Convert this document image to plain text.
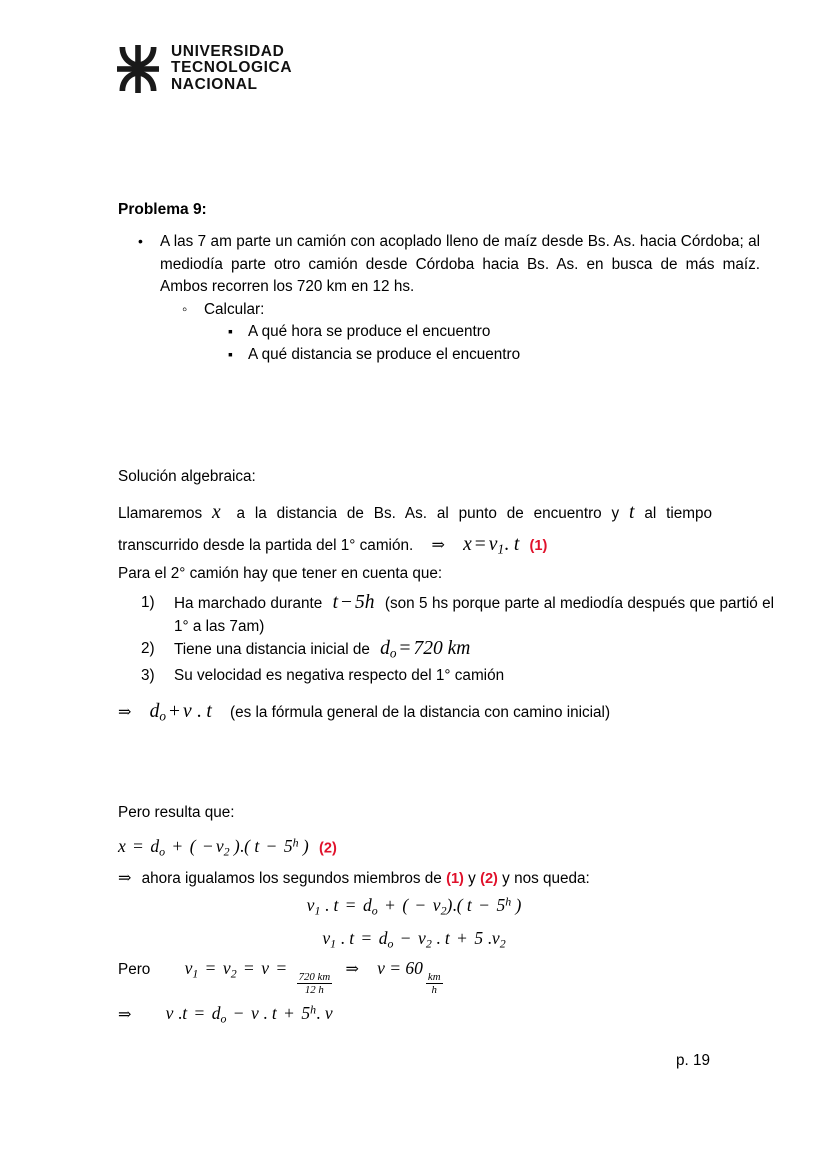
UNIVERSIDAD
TECNOLOGICA
NACIONAL
Problema 9:
• A las 7 am parte un camión con acoplado lleno de maíz desde Bs. As. hacia Córdoba; al mediodía parte otro camión desde Córdoba hacia Bs. As. en busca de más maíz. Ambos recorren los 720 km en 12 hs.
◦ Calcular:
▪ A qué hora se produce el encuentro
▪ A qué distancia se produce el encuentro
Solución algebraica:
Llamaremos x a la distancia de Bs. As. al punto de encuentro y t al tiempo transcurrido desde la partida del 1° camión. ⇒ $x = v_1$. t (1)
Para el 2° camión hay que tener en cuenta que:
1) Ha marchado durante t − 5h (son 5 hs porque parte al mediodía después que partió el 1° a las 7am)
2) Tiene una distancia inicial de $d_o = 720$ km
3) Su velocidad es negativa respecto del 1° camión
⇒ $d_o + v$ . t (es la fórmula general de la distancia con camino inicial)
Pero resulta que:
$x = d_o$ + ( − $v_2$ ).( $t - 5^h$ ) (2)
⇒ ahora igualamos los segundos miembros de (1) y (2) y nos queda:
$v_1$ . $t = d_o$ + ( − $v_2$).( $t - 5^h$ )
$v_1$ . $t = d_o - v_2$ . t + 5 $.v_2$
Pero $v_1 = v_2 = v$ =
$\frac{720 km}{12 h}$
⇒ v = 60
$\frac{km}{h}$
⇒ v $.t = d_o - v$ . $t + 5^h$. v
p. 19
